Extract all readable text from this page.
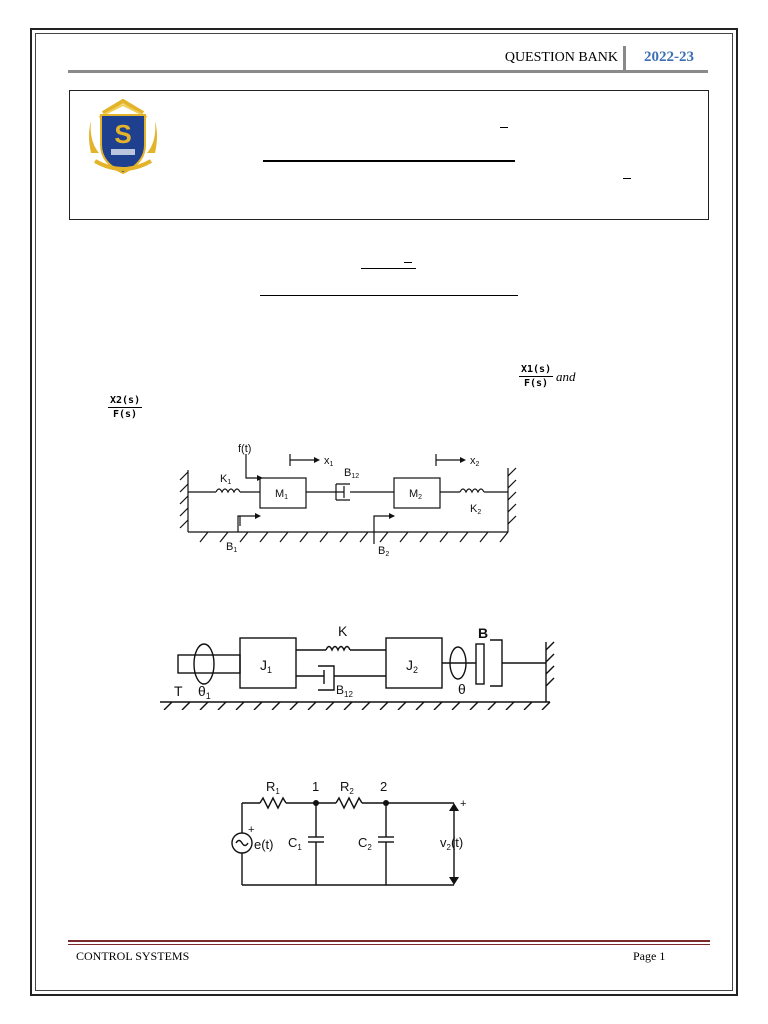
QUESTION BANK 2022-23
S
$\frac{X1(s)}{F(s)}$ and
$\frac{X2(s)}{F(s)}$
f(t)
x1	x2
K1
K2
M1	M2
B12
B1	B2
K	B
$J_1$	$J_2$
T $\theta_1$	θ
$B_{12}$
$R_1$ 1 $R_2$ 2
+
e(t) $C_1$	$C_2$
+
$v_2(t)$
CONTROL SYSTEMS	Page 1
